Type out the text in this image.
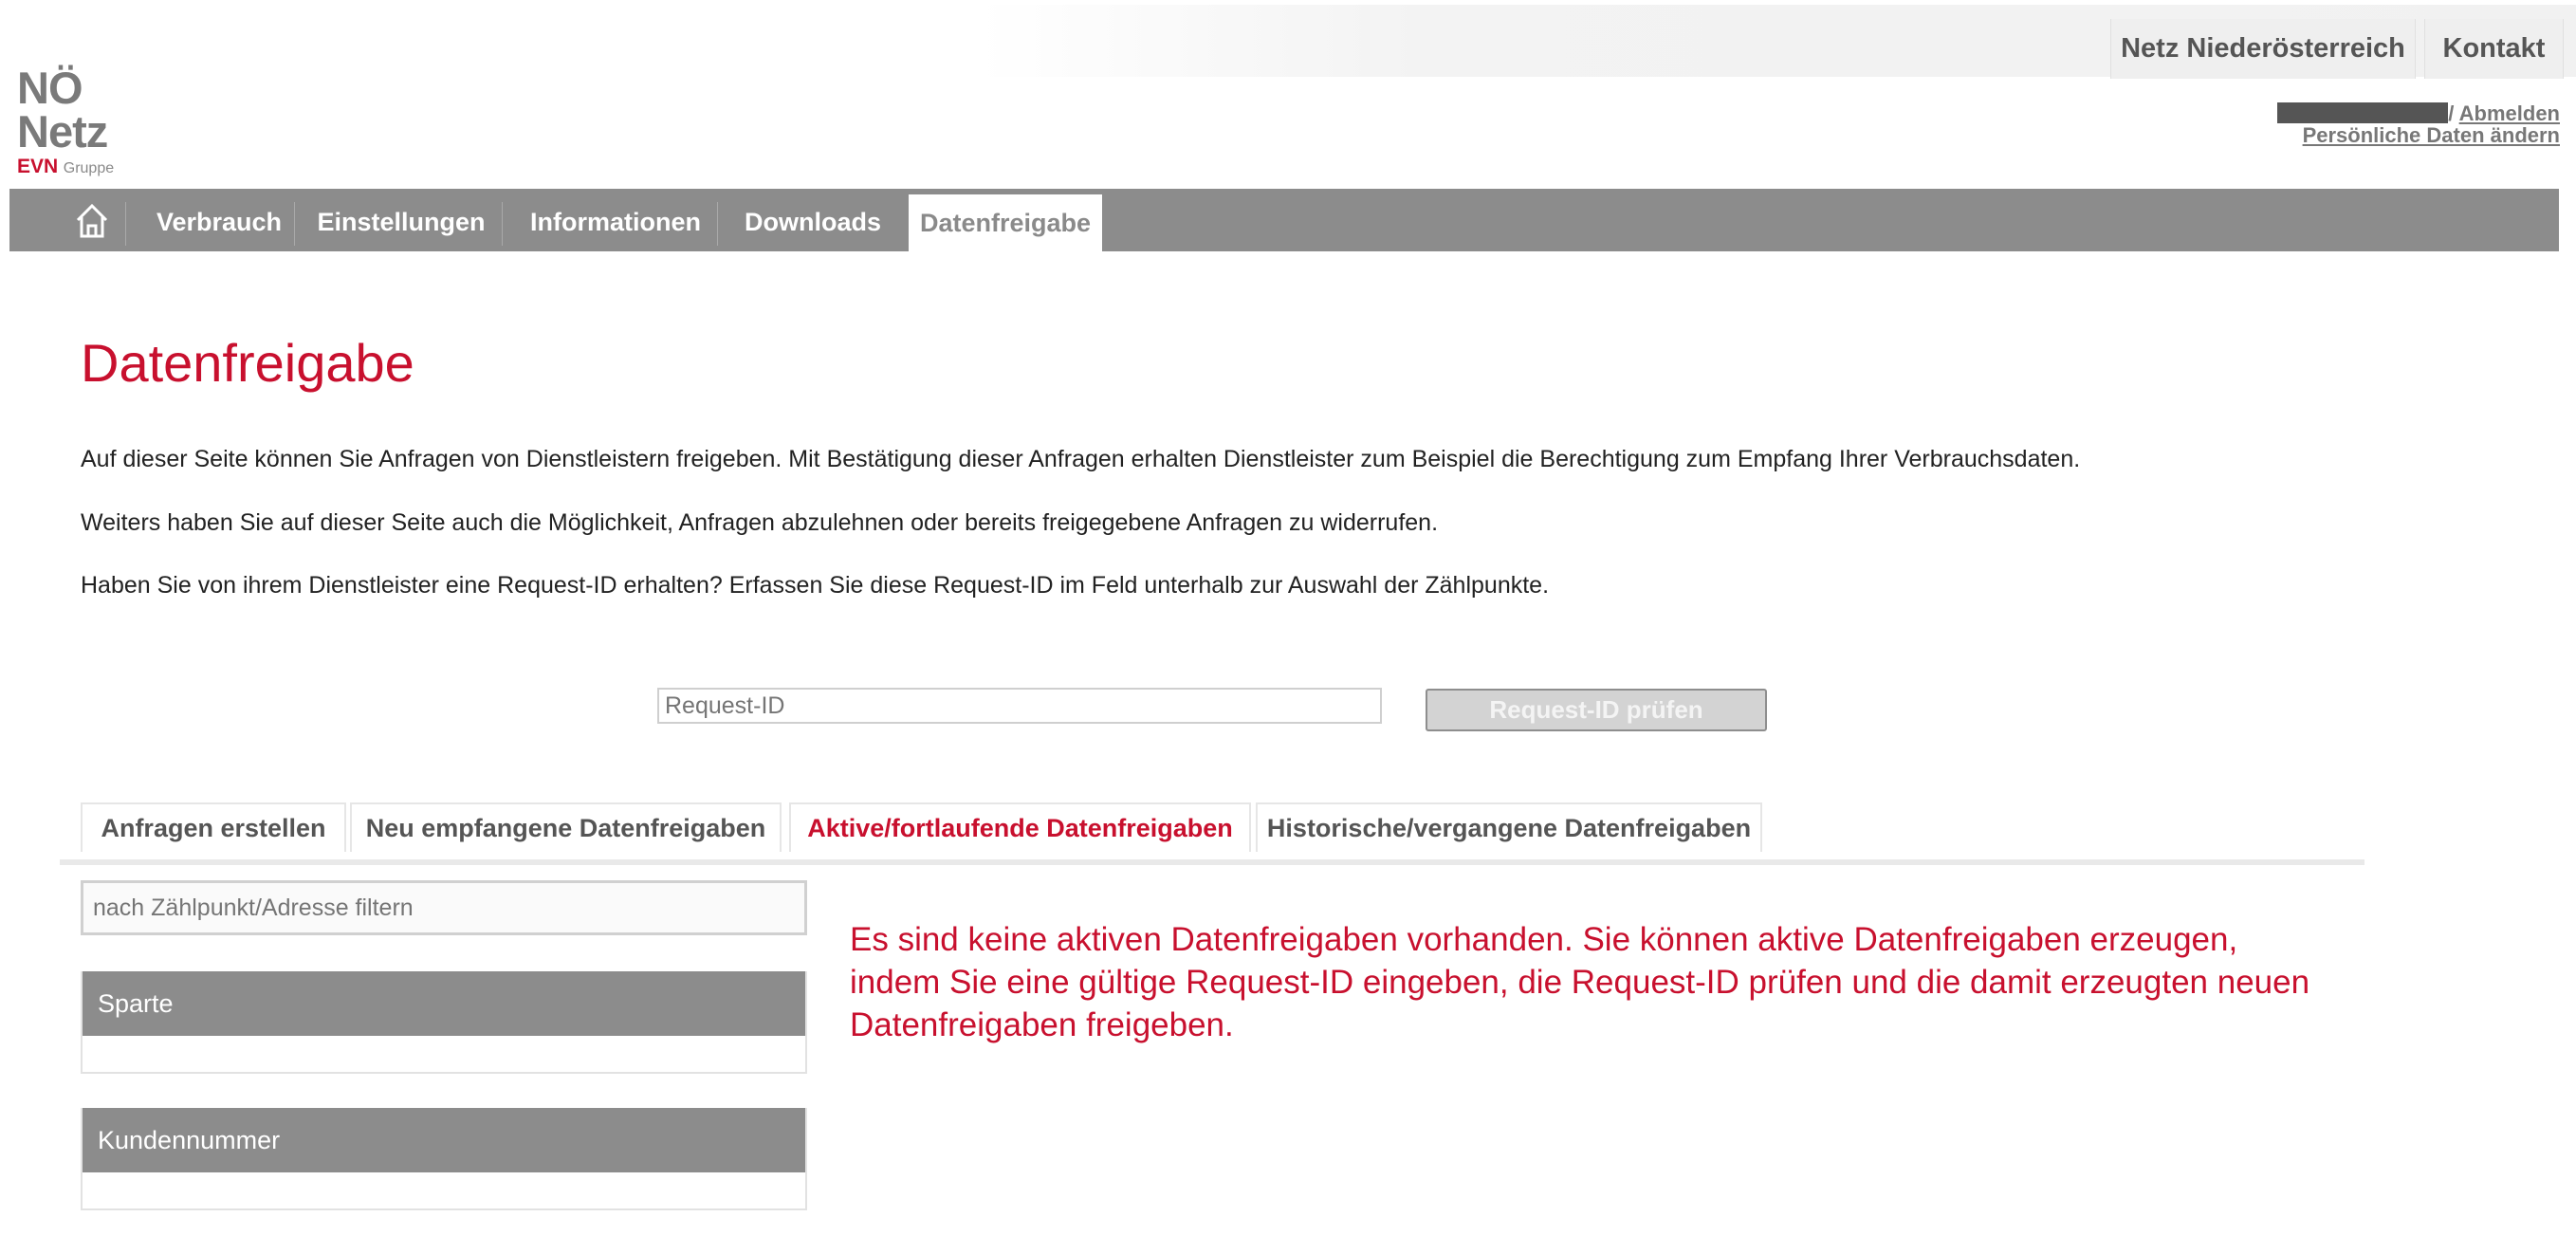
Netz Niederösterreich	Kontakt
NÖ
Netz
EVN Gruppe
/ Abmelden
Persönliche Daten ändern
Verbrauch	Einstellungen	Informationen	Downloads	Datenfreigabe
Datenfreigabe

Auf dieser Seite können Sie Anfragen von Dienstleistern freigeben. Mit Bestätigung dieser Anfragen erhalten Dienstleister zum Beispiel die Berechtigung zum Empfang Ihrer Verbrauchsdaten.

Weiters haben Sie auf dieser Seite auch die Möglichkeit, Anfragen abzulehnen oder bereits freigegebene Anfragen zu widerrufen.

Haben Sie von ihrem Dienstleister eine Request-ID erhalten? Erfassen Sie diese Request-ID im Feld unterhalb zur Auswahl der Zählpunkte.

Request-ID
Request-ID prüfen
Anfragen erstellen	Neu empfangene Datenfreigaben	Aktive/fortlaufende Datenfreigaben	Historische/vergangene Datenfreigaben
nach Zählpunkt/Adresse filtern
Sparte
Kundennummer

Es sind keine aktiven Datenfreigaben vorhanden. Sie können aktive Datenfreigaben erzeugen, indem Sie eine gültige Request-ID eingeben, die Request-ID prüfen und die damit erzeugten neuen Datenfreigaben freigeben.
